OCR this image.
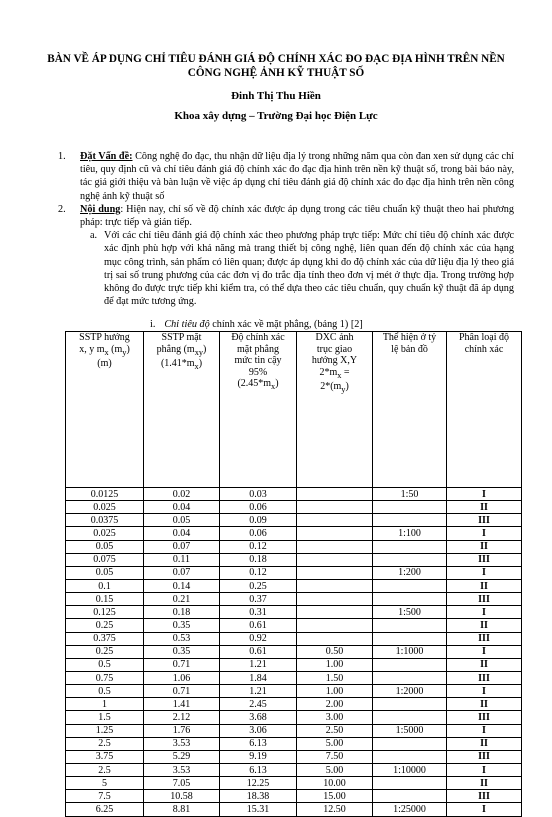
BÀN VỀ ÁP DỤNG CHỈ TIÊU ĐÁNH GIÁ ĐỘ CHÍNH XÁC ĐO ĐẠC ĐỊA HÌNH TRÊN NỀN CÔNG NGHỆ ẢNH KỸ THUẬT SỐ
Đinh Thị Thu Hiền
Khoa xây dựng – Trường Đại học Điện Lực
1. Đặt Vấn đề: Công nghệ đo đạc, thu nhận dữ liệu địa lý trong những năm qua còn đan xen sử dụng các chỉ tiêu, quy định cũ và chỉ tiêu đánh giá độ chính xác đo đạc địa hình trên nền kỹ thuật số, trong bài báo này, tác giả giới thiệu và bàn luận về việc áp dụng chỉ tiêu đánh giá độ chính xác đo đạc địa hình trên nền công nghệ ảnh kỹ thuật số
2. Nội dung: Hiện nay, chỉ số về độ chính xác được áp dụng trong các tiêu chuẩn kỹ thuật theo hai phương pháp: trực tiếp và gián tiếp.
a. Với các chỉ tiêu đánh giá độ chính xác theo phương pháp trực tiếp: Mức chỉ tiêu độ chính xác được xác định phù hợp với khả năng mà trang thiết bị công nghệ, liên quan đến độ chính xác của hạng mục công trình, sản phẩm có liên quan; được áp dụng khi đo độ chính xác của dữ liệu địa lý theo giá trị sai số trung phương của các đơn vị đo trắc địa tính theo đơn vị mét ở thực địa. Trong trường hợp không đo được trực tiếp khi kiểm tra, có thể dựa theo các tiêu chuẩn, quy chuẩn kỹ thuật đã áp dụng để đạt mức tương ứng.
i. Chỉ tiêu độ chính xác về mặt phẳng, (bảng 1) [2]
SSTP hướng
x, y $m_x$ $(m_y)$
(m)	SSTP mặt
phẳng $(m_{xy})$
$(1.41*m_x)$	Độ chính xác
mặt phẳng
mức tin cậy
95%
$(2.45*m_x)$	DXC ảnh
trục giao
hướng X,Y
$2*m_x$ =
$2*(m_y)$	Thể hiện ở tỷ
lệ bản đồ	Phân loại độ
chính xác
0.0125	0.02	0.03		1:50	I
0.025	0.04	0.06			II
0.0375	0.05	0.09			III
0.025	0.04	0.06		1:100	I
0.05	0.07	0.12			II
0.075	0.11	0.18			III
0.05	0.07	0.12		1:200	I
0.1	0.14	0.25			II
0.15	0.21	0.37			III
0.125	0.18	0.31		1:500	I
0.25	0.35	0.61			II
0.375	0.53	0.92			III
0.25	0.35	0.61	0.50	1:1000	I
0.5	0.71	1.21	1.00		II
0.75	1.06	1.84	1.50		III
0.5	0.71	1.21	1.00	1:2000	I
1	1.41	2.45	2.00		II
1.5	2.12	3.68	3.00		III
1.25	1.76	3.06	2.50	1:5000	I
2.5	3.53	6.13	5.00		II
3.75	5.29	9.19	7.50		III
2.5	3.53	6.13	5.00	1:10000	I
5	7.05	12.25	10.00		II
7.5	10.58	18.38	15.00		III
6.25	8.81	15.31	12.50	1:25000	I
